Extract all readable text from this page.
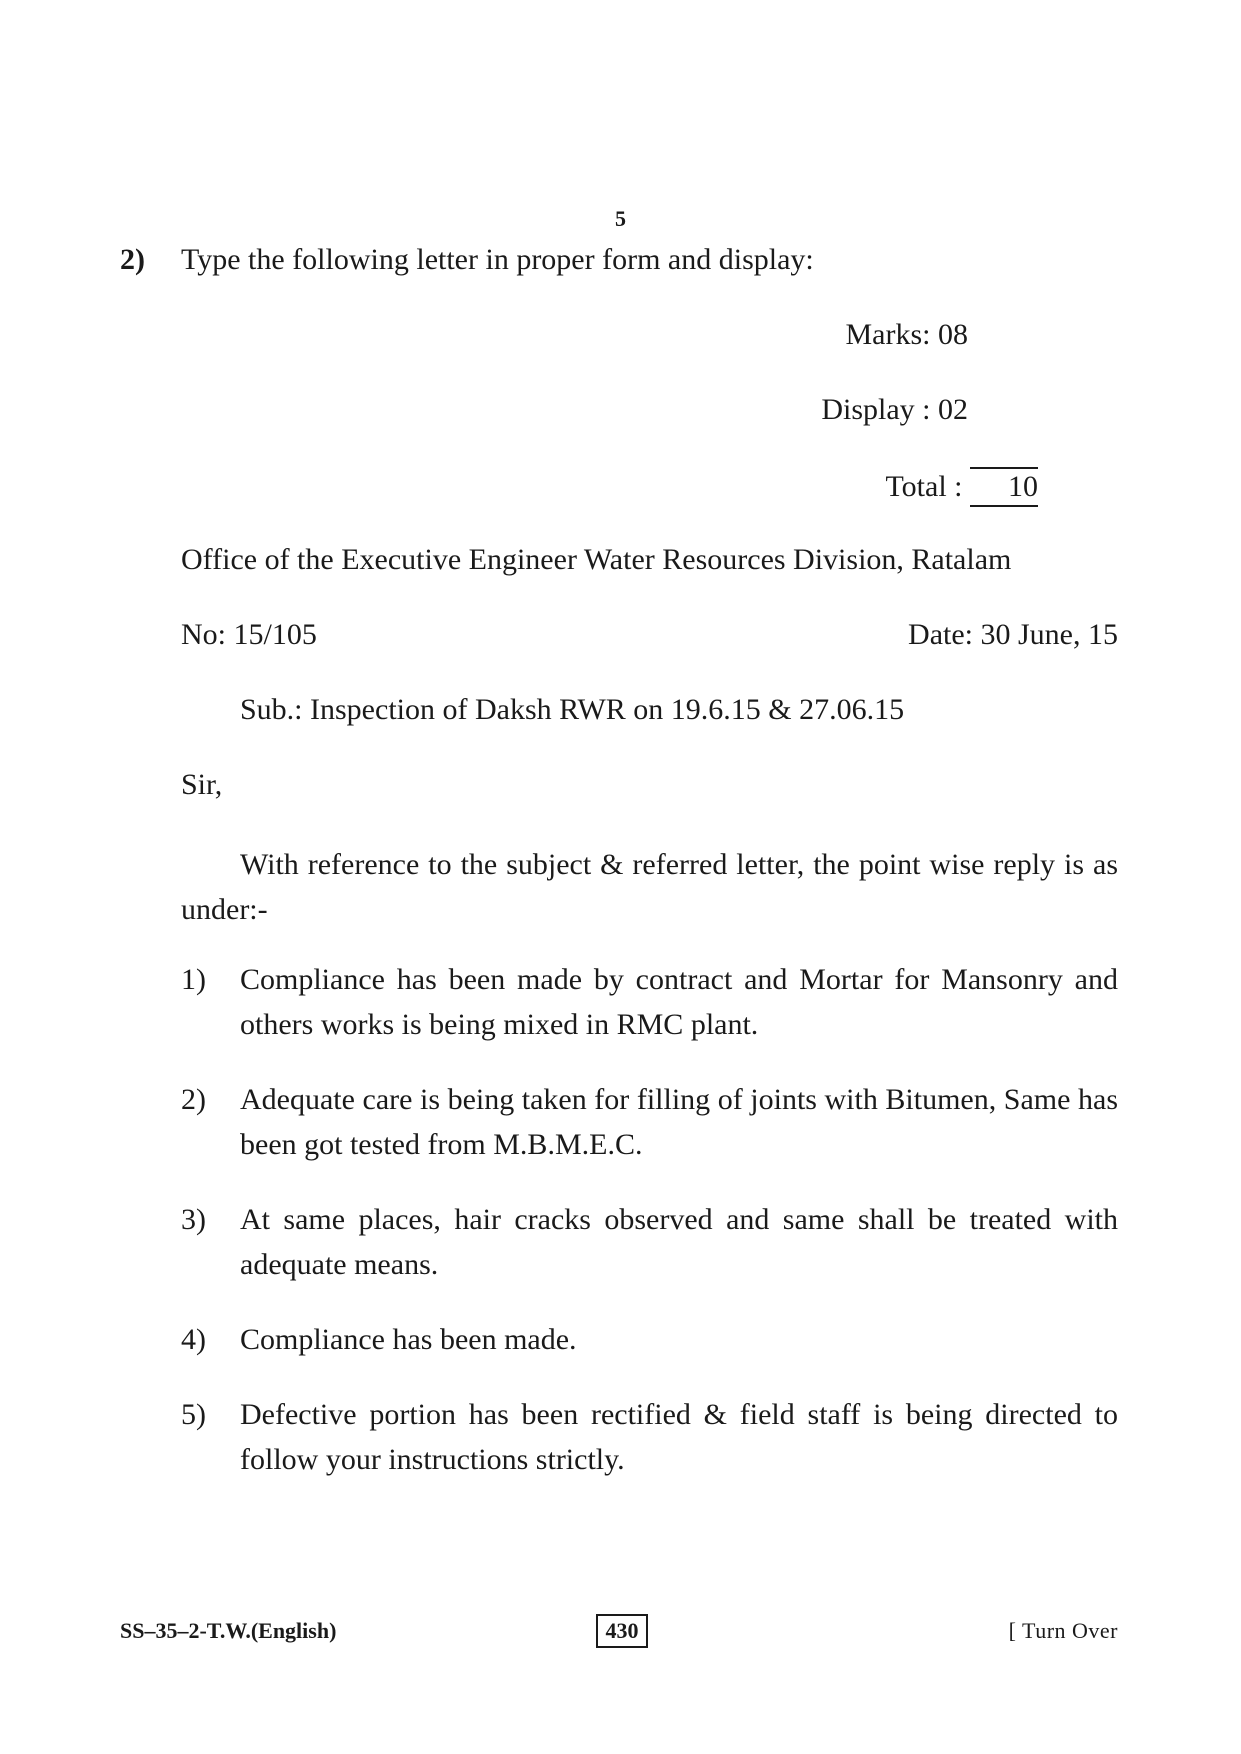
5
2) Type the following letter in proper form and display:
Marks: 08
Display : 02
Total : 10
Office of the Executive Engineer Water Resources Division, Ratalam
No: 15/105	Date: 30 June, 15
Sub.: Inspection of Daksh RWR on 19.6.15 & 27.06.15
Sir,
With reference to the subject & referred letter, the point wise reply is as under:-
1) Compliance has been made by contract and Mortar for Mansonry and others works is being mixed in RMC plant.
2) Adequate care is being taken for filling of joints with Bitumen, Same has been got tested from M.B.M.E.C.
3) At same places, hair cracks observed and same shall be treated with adequate means.
4) Compliance has been made.
5) Defective portion has been rectified & field staff is being directed to follow your instructions strictly.
SS–35–2-T.W.(English)	430	[ Turn Over
